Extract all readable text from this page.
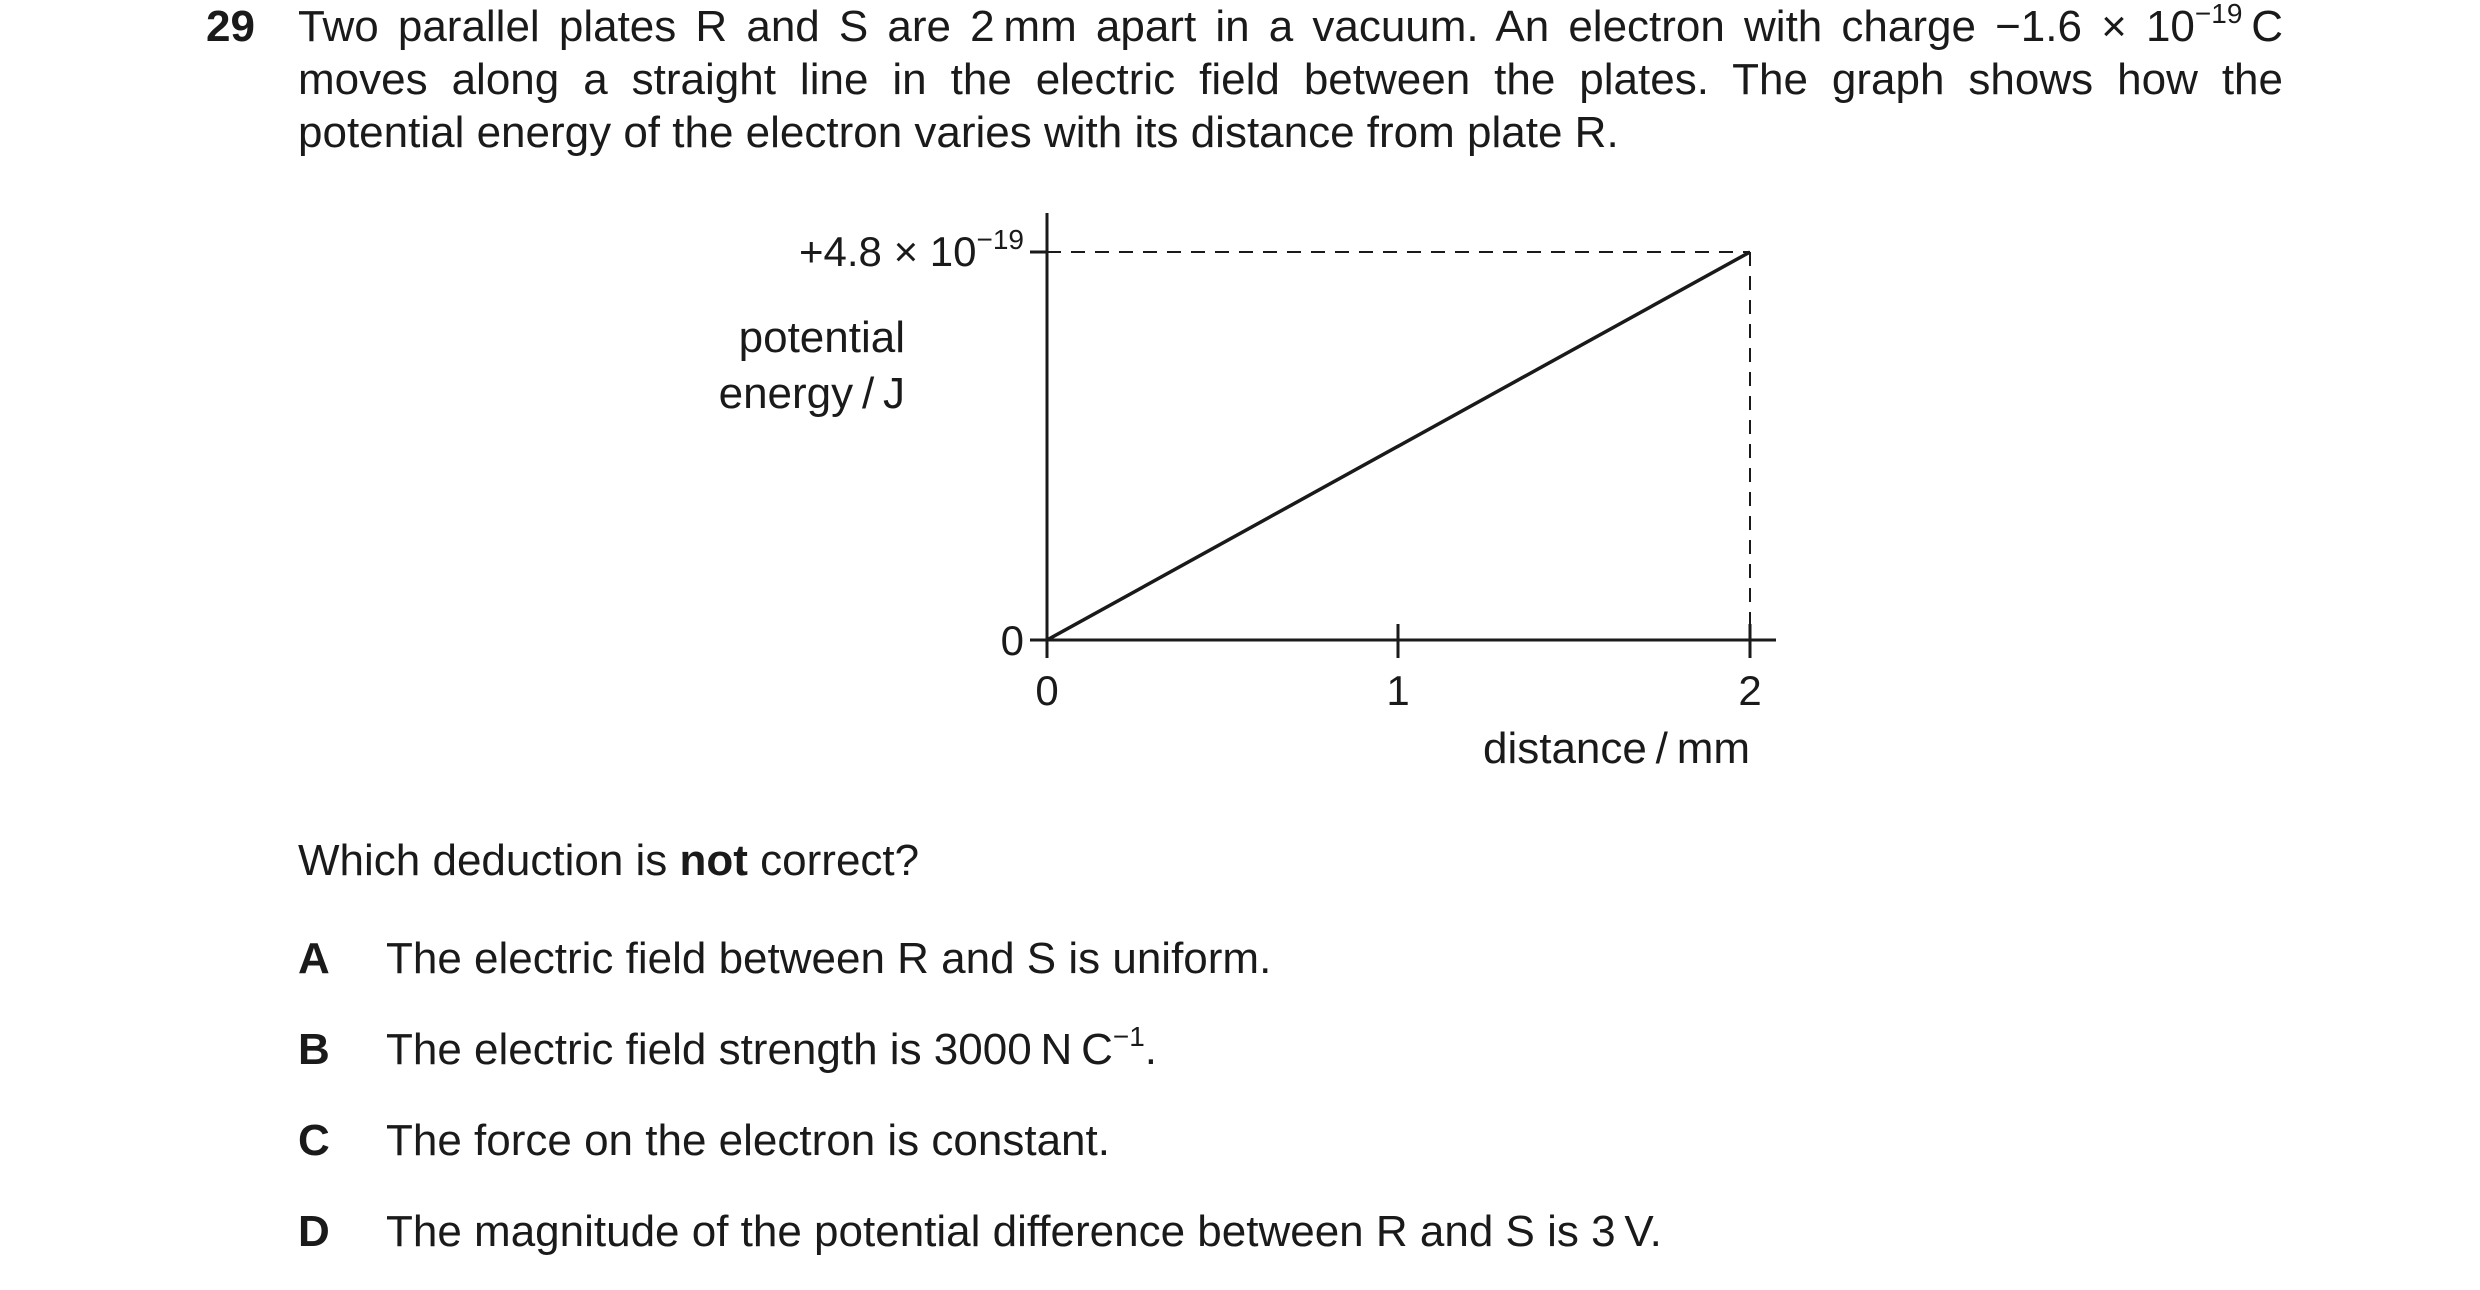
29 Two parallel plates R and S are 2 mm apart in a vacuum. An electron with charge $-1.6 \times 10^{-19}$ C
moves along a straight line in the electric field between the plates. The graph shows how the
potential energy of the electron varies with its distance from plate R.
0	1	2
0
$+4.8 \times 10^{-19}$
potential
energy / J
distance / mm
Which deduction is not correct?
A The electric field between R and S is uniform.
B The electric field strength is 3000 N $C^{-1}$.
C The force on the electron is constant.
D The magnitude of the potential difference between R and S is 3 V.
